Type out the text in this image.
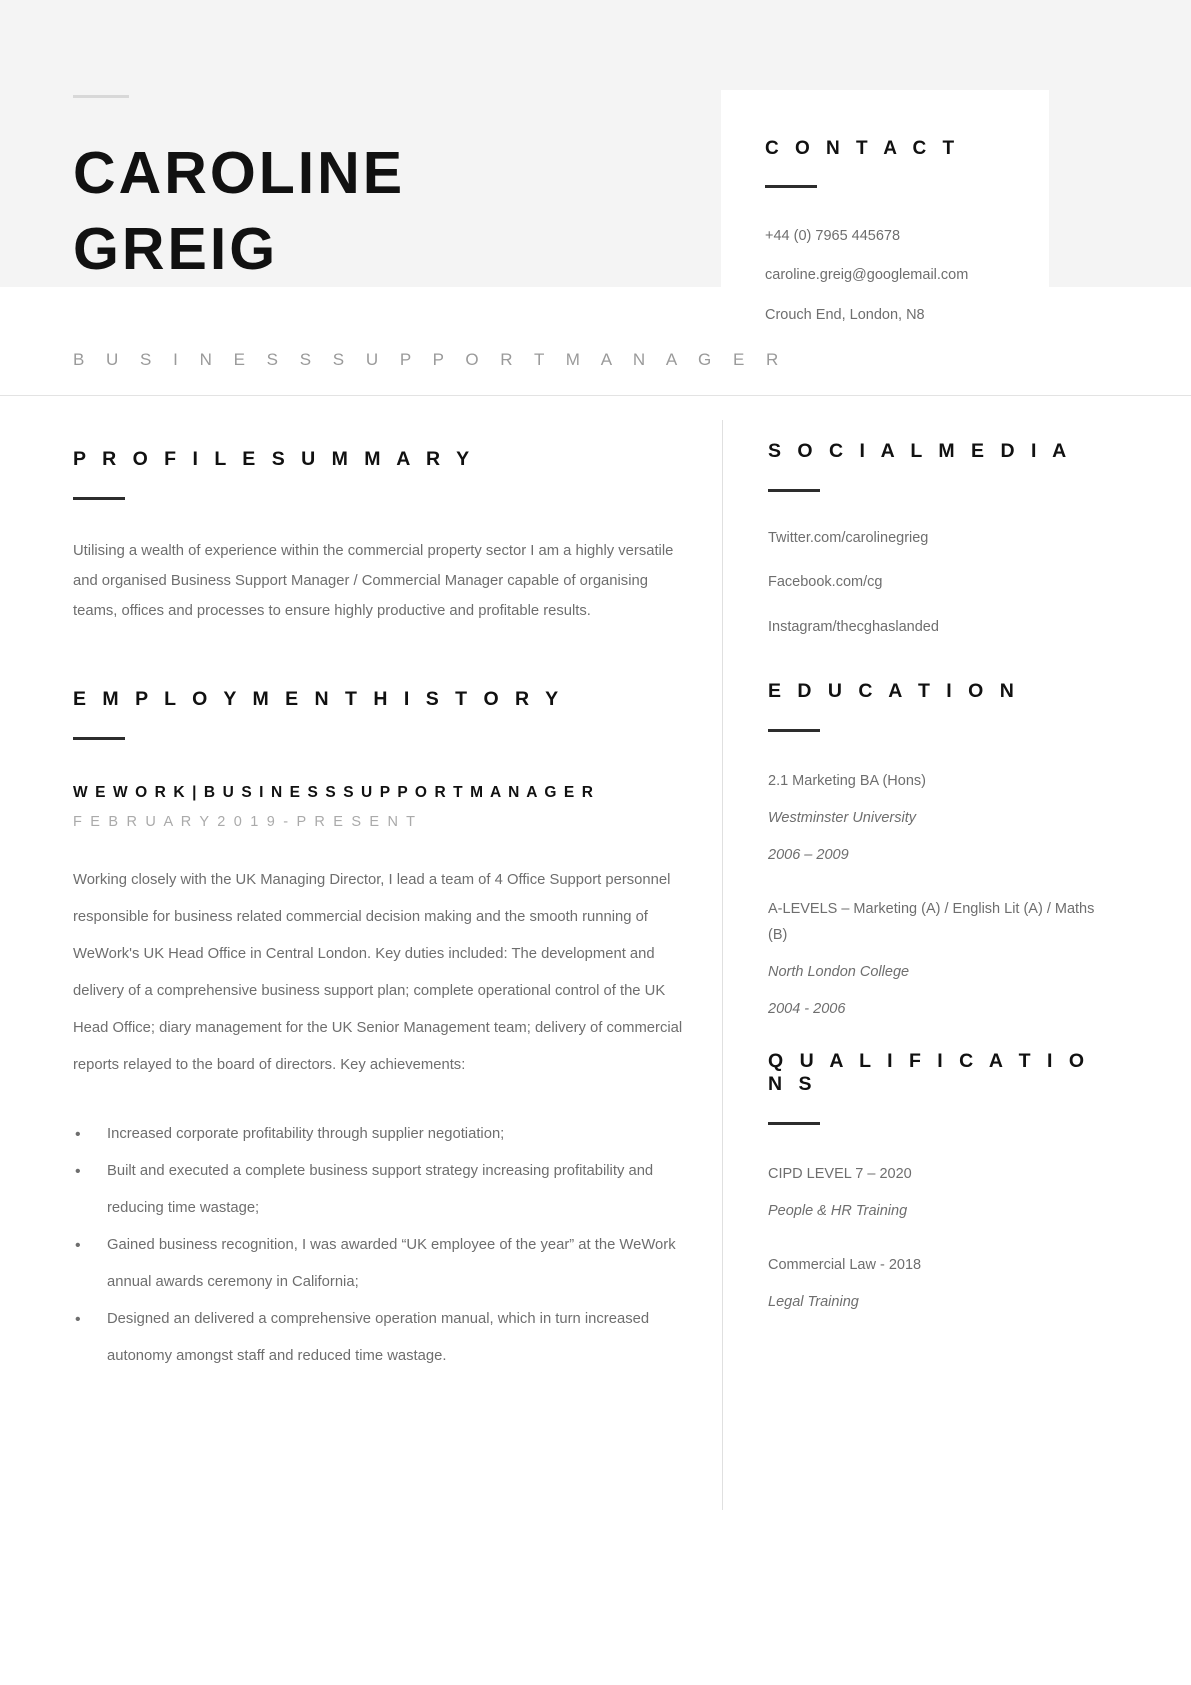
CAROLINE

GREIG

B U S I N E S S S U P P O R T M A N A G E R
C O N T A C T
+44 (0) 7965 445678
caroline.greig@googlemail.com
Crouch End, London, N8
P R O F I L E S U M M A R Y

Utilising a wealth of experience within the commercial property sector I am a highly versatile and organised Business Support Manager / Commercial Manager capable of organising teams, offices and processes to ensure highly productive and profitable results.

E M P L O Y M E N T H I S T O R Y

W E W O R K | B U S I N E S S S U P P O R T M A N A G E R

F E B R U A R Y 2 0 1 9 - P R E S E N T

Working closely with the UK Managing Director, I lead a team of 4 Office Support personnel responsible for business related commercial decision making and the smooth running of WeWork's UK Head Office in Central London. Key duties included: The development and delivery of a comprehensive business support plan; complete operational control of the UK Head Office; diary management for the UK Senior Management team; delivery of commercial reports relayed to the board of directors. Key achievements:

• Increased corporate profitability through supplier negotiation;
• Built and executed a complete business support strategy increasing profitability and reducing time wastage;
• Gained business recognition, I was awarded “UK employee of the year” at the WeWork annual awards ceremony in California;
• Designed an delivered a comprehensive operation manual, which in turn increased autonomy amongst staff and reduced time wastage.
S O C I A L M E D I A
Twitter.com/carolinegrieg
Facebook.com/cg
Instagram/thecghaslanded
E D U C A T I O N
2.1 Marketing BA (Hons)
Westminster University
2006 – 2009
A-LEVELS – Marketing (A) / English Lit (A) / Maths (B)
North London College
2004 - 2006
Q U A L I F I C A T I O N S
CIPD LEVEL 7 – 2020
People & HR Training
Commercial Law - 2018
Legal Training
